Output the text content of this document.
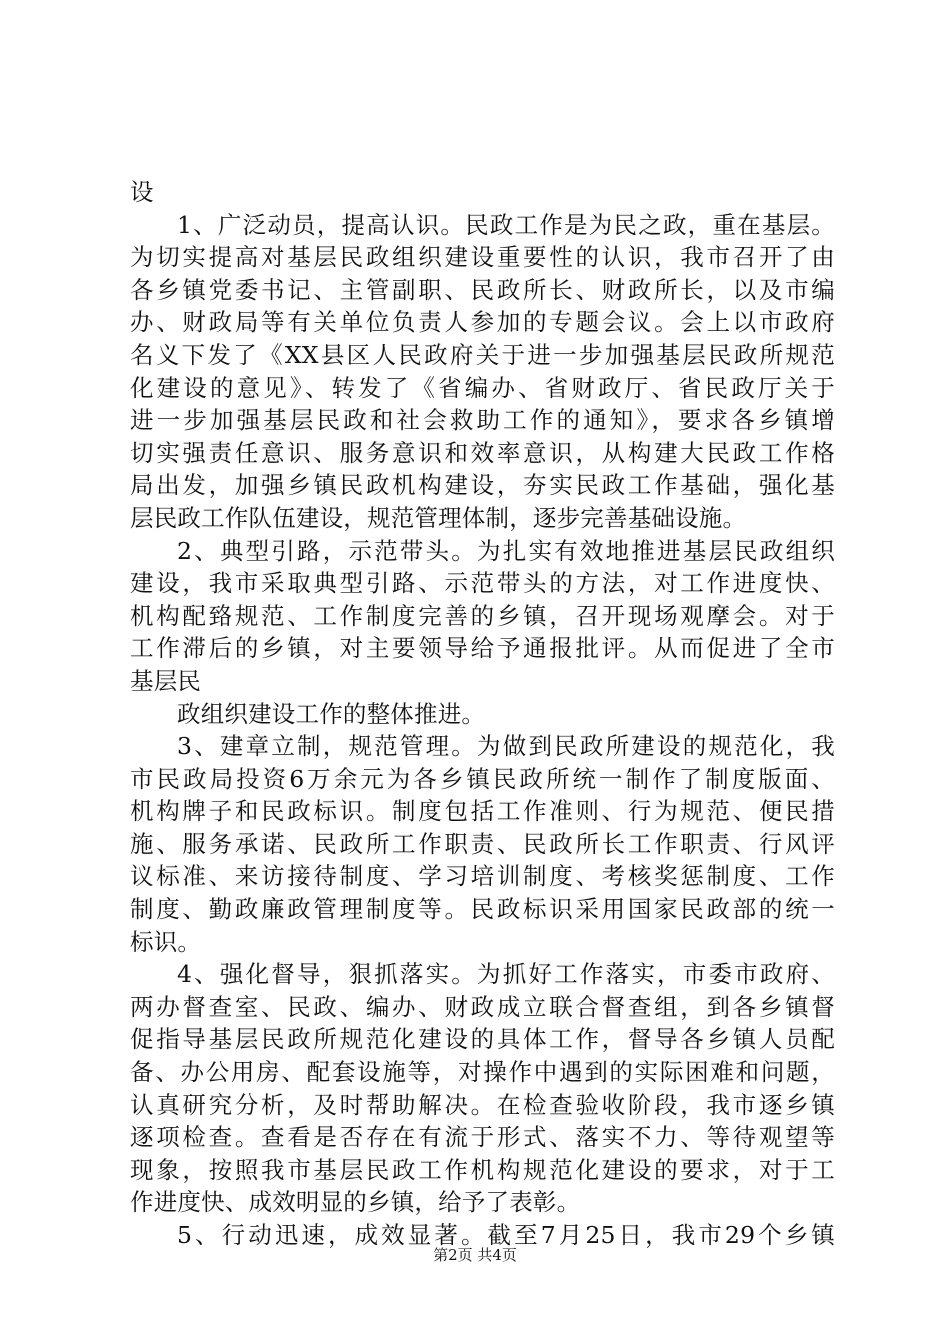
设
1、广泛动员，提高认识。民政工作是为民之政，重在基层。
为切实提高对基层民政组织建设重要性的认识，我市召开了由
各乡镇党委书记、主管副职、民政所长、财政所长，以及市编
办、财政局等有关单位负责人参加的专题会议。会上以市政府
名义下发了《XX县区人民政府关于进一步加强基层民政所规范
化建设的意见》、转发了《省编办、省财政厅、省民政厅关于
进一步加强基层民政和社会救助工作的通知》，要求各乡镇增
切实强责任意识、服务意识和效率意识，从构建大民政工作格
局出发，加强乡镇民政机构建设，夯实民政工作基础，强化基
层民政工作队伍建设，规范管理体制，逐步完善基础设施。
2、典型引路，示范带头。为扎实有效地推进基层民政组织
建设，我市采取典型引路、示范带头的方法，对工作进度快、
机构配臵规范、工作制度完善的乡镇，召开现场观摩会。对于
工作滞后的乡镇，对主要领导给予通报批评。从而促进了全市
基层民
政组织建设工作的整体推进。
3、建章立制，规范管理。为做到民政所建设的规范化，我
市民政局投资6万余元为各乡镇民政所统一制作了制度版面、
机构牌子和民政标识。制度包括工作准则、行为规范、便民措
施、服务承诺、民政所工作职责、民政所长工作职责、行风评
议标准、来访接待制度、学习培训制度、考核奖惩制度、工作
制度、勤政廉政管理制度等。民政标识采用国家民政部的统一
标识。
4、强化督导，狠抓落实。为抓好工作落实，市委市政府、
两办督查室、民政、编办、财政成立联合督查组，到各乡镇督
促指导基层民政所规范化建设的具体工作，督导各乡镇人员配
备、办公用房、配套设施等，对操作中遇到的实际困难和问题，
认真研究分析，及时帮助解决。在检查验收阶段，我市逐乡镇
逐项检查。查看是否存在有流于形式、落实不力、等待观望等
现象，按照我市基层民政工作机构规范化建设的要求，对于工
作进度快、成效明显的乡镇，给予了表彰。
5、行动迅速，成效显著。截至7月25日，我市29个乡镇
第2页 共4页
